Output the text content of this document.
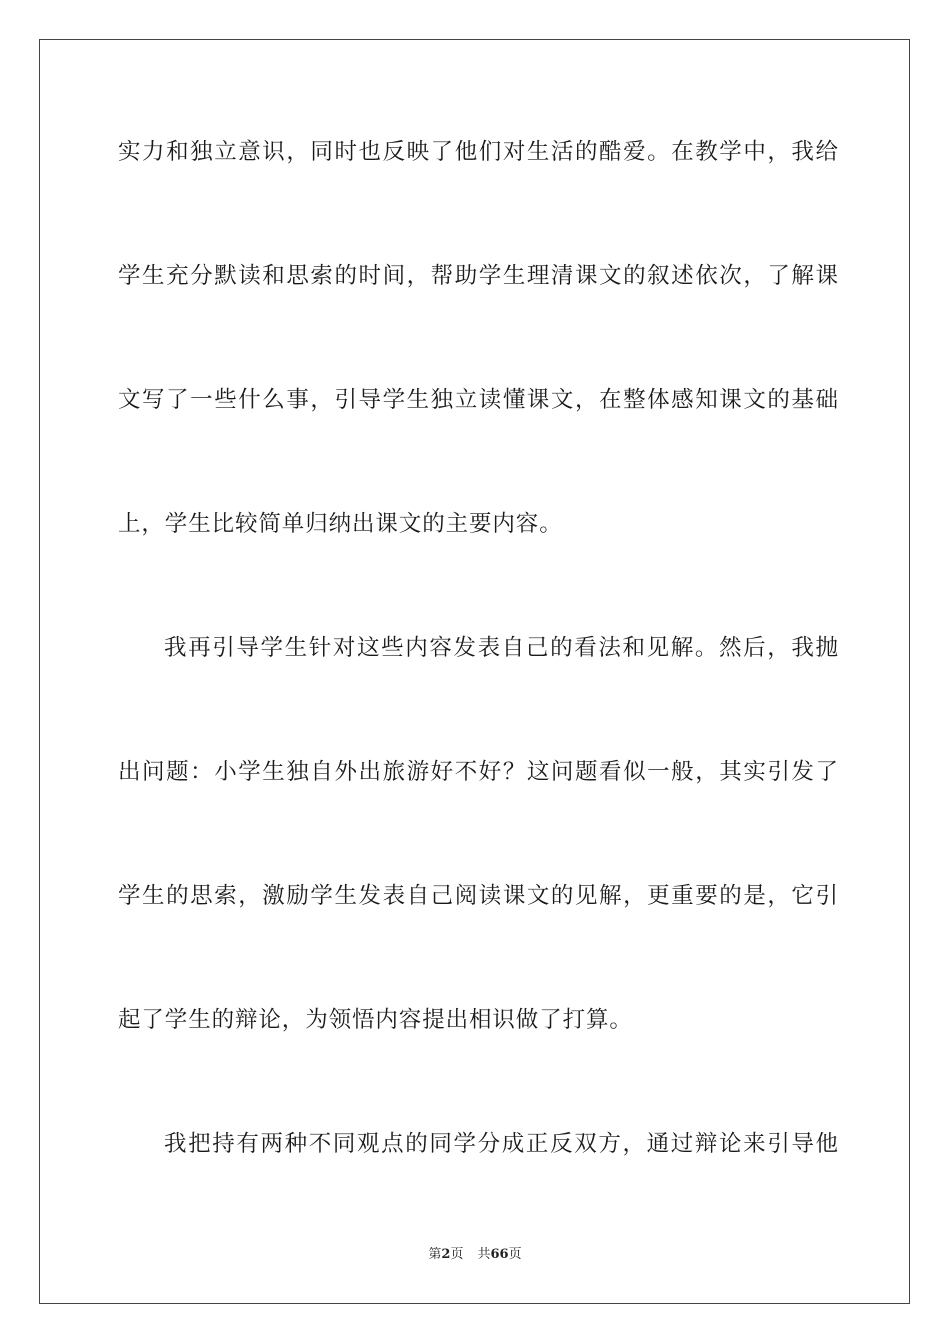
实力和独立意识，同时也反映了他们对生活的酷爱。在教学中，我给
学生充分默读和思索的时间，帮助学生理清课文的叙述依次，了解课
文写了一些什么事，引导学生独立读懂课文，在整体感知课文的基础
上，学生比较简单归纳出课文的主要内容。
我再引导学生针对这些内容发表自己的看法和见解。然后，我抛
出问题：小学生独自外出旅游好不好？这问题看似一般，其实引发了
学生的思索，激励学生发表自己阅读课文的见解，更重要的是，它引
起了学生的辩论，为领悟内容提出相识做了打算。
我把持有两种不同观点的同学分成正反双方，通过辩论来引导他
第2页 共66页
